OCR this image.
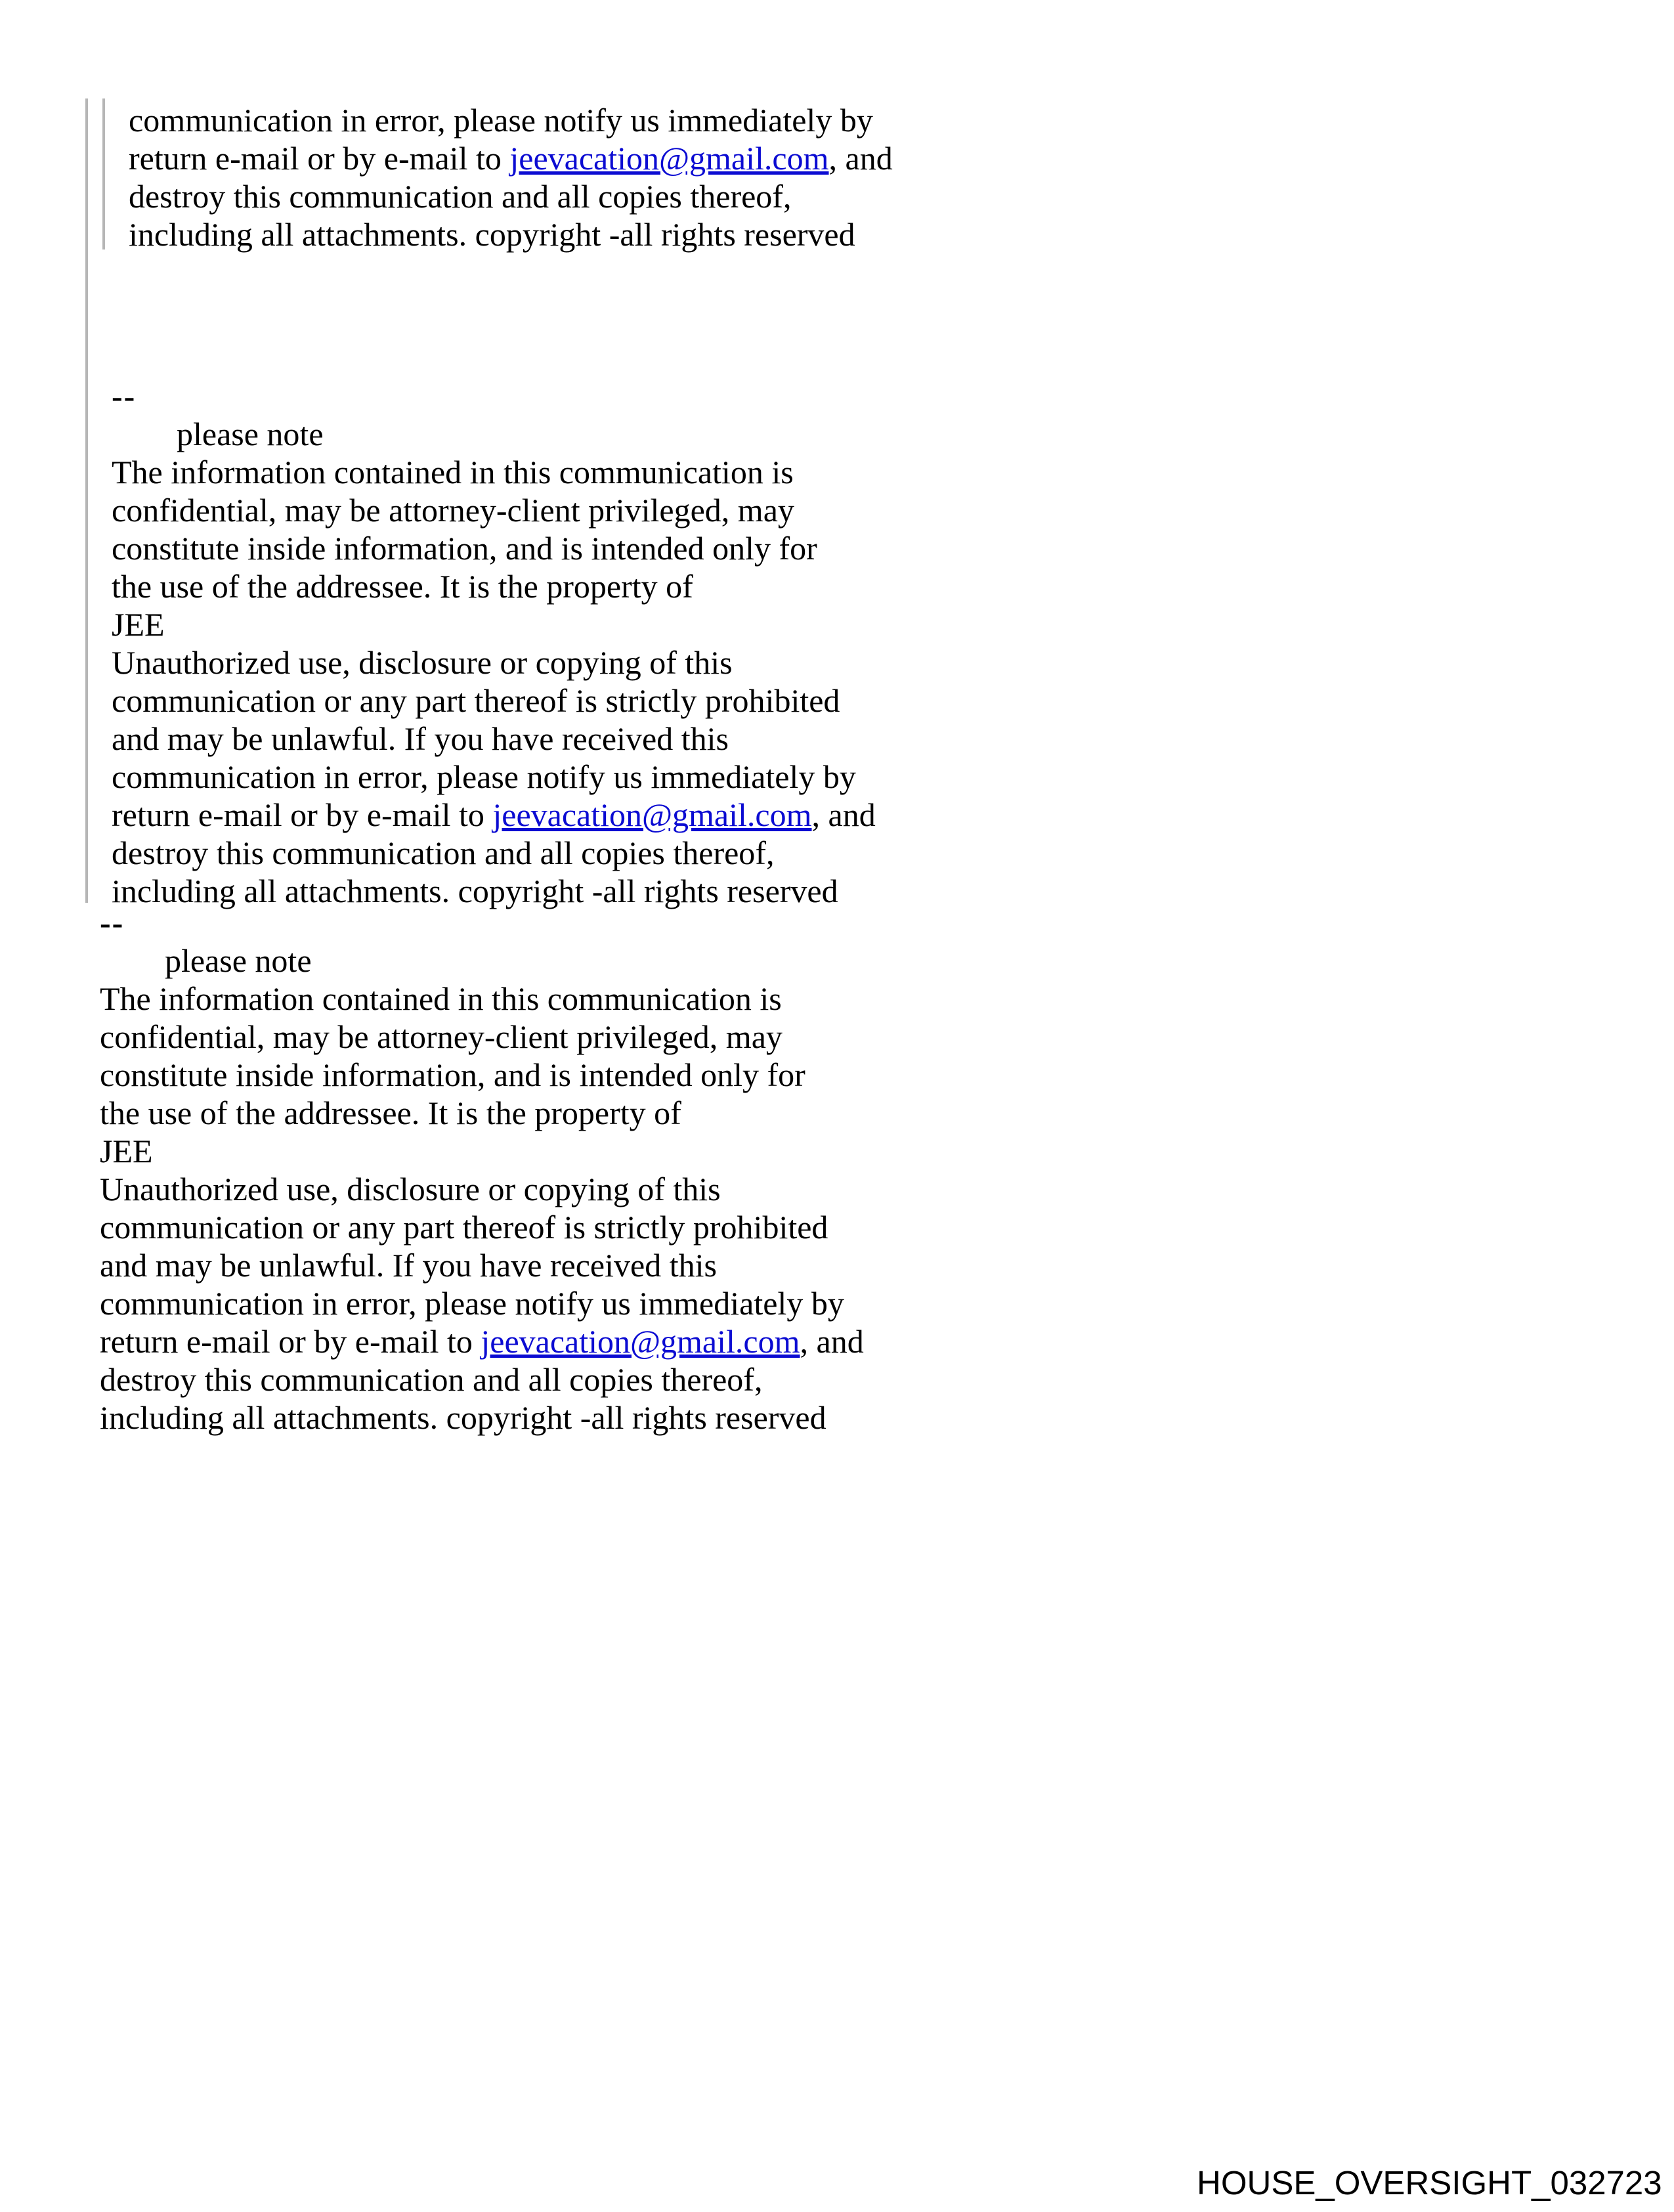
communication in error, please notify us immediately by
return e-mail or by e-mail to jeevacation@gmail.com, and
destroy this communication and all copies thereof,
including all attachments. copyright -all rights reserved
--
please note
The information contained in this communication is
confidential, may be attorney-client privileged, may
constitute inside information, and is intended only for
the use of the addressee. It is the property of
JEE
Unauthorized use, disclosure or copying of this
communication or any part thereof is strictly prohibited
and may be unlawful. If you have received this
communication in error, please notify us immediately by
return e-mail or by e-mail to jeevacation@gmail.com, and
destroy this communication and all copies thereof,
including all attachments. copyright -all rights reserved
--
please note
The information contained in this communication is
confidential, may be attorney-client privileged, may
constitute inside information, and is intended only for
the use of the addressee. It is the property of
JEE
Unauthorized use, disclosure or copying of this
communication or any part thereof is strictly prohibited
and may be unlawful. If you have received this
communication in error, please notify us immediately by
return e-mail or by e-mail to jeevacation@gmail.com, and
destroy this communication and all copies thereof,
including all attachments. copyright -all rights reserved
HOUSE_OVERSIGHT_032723
